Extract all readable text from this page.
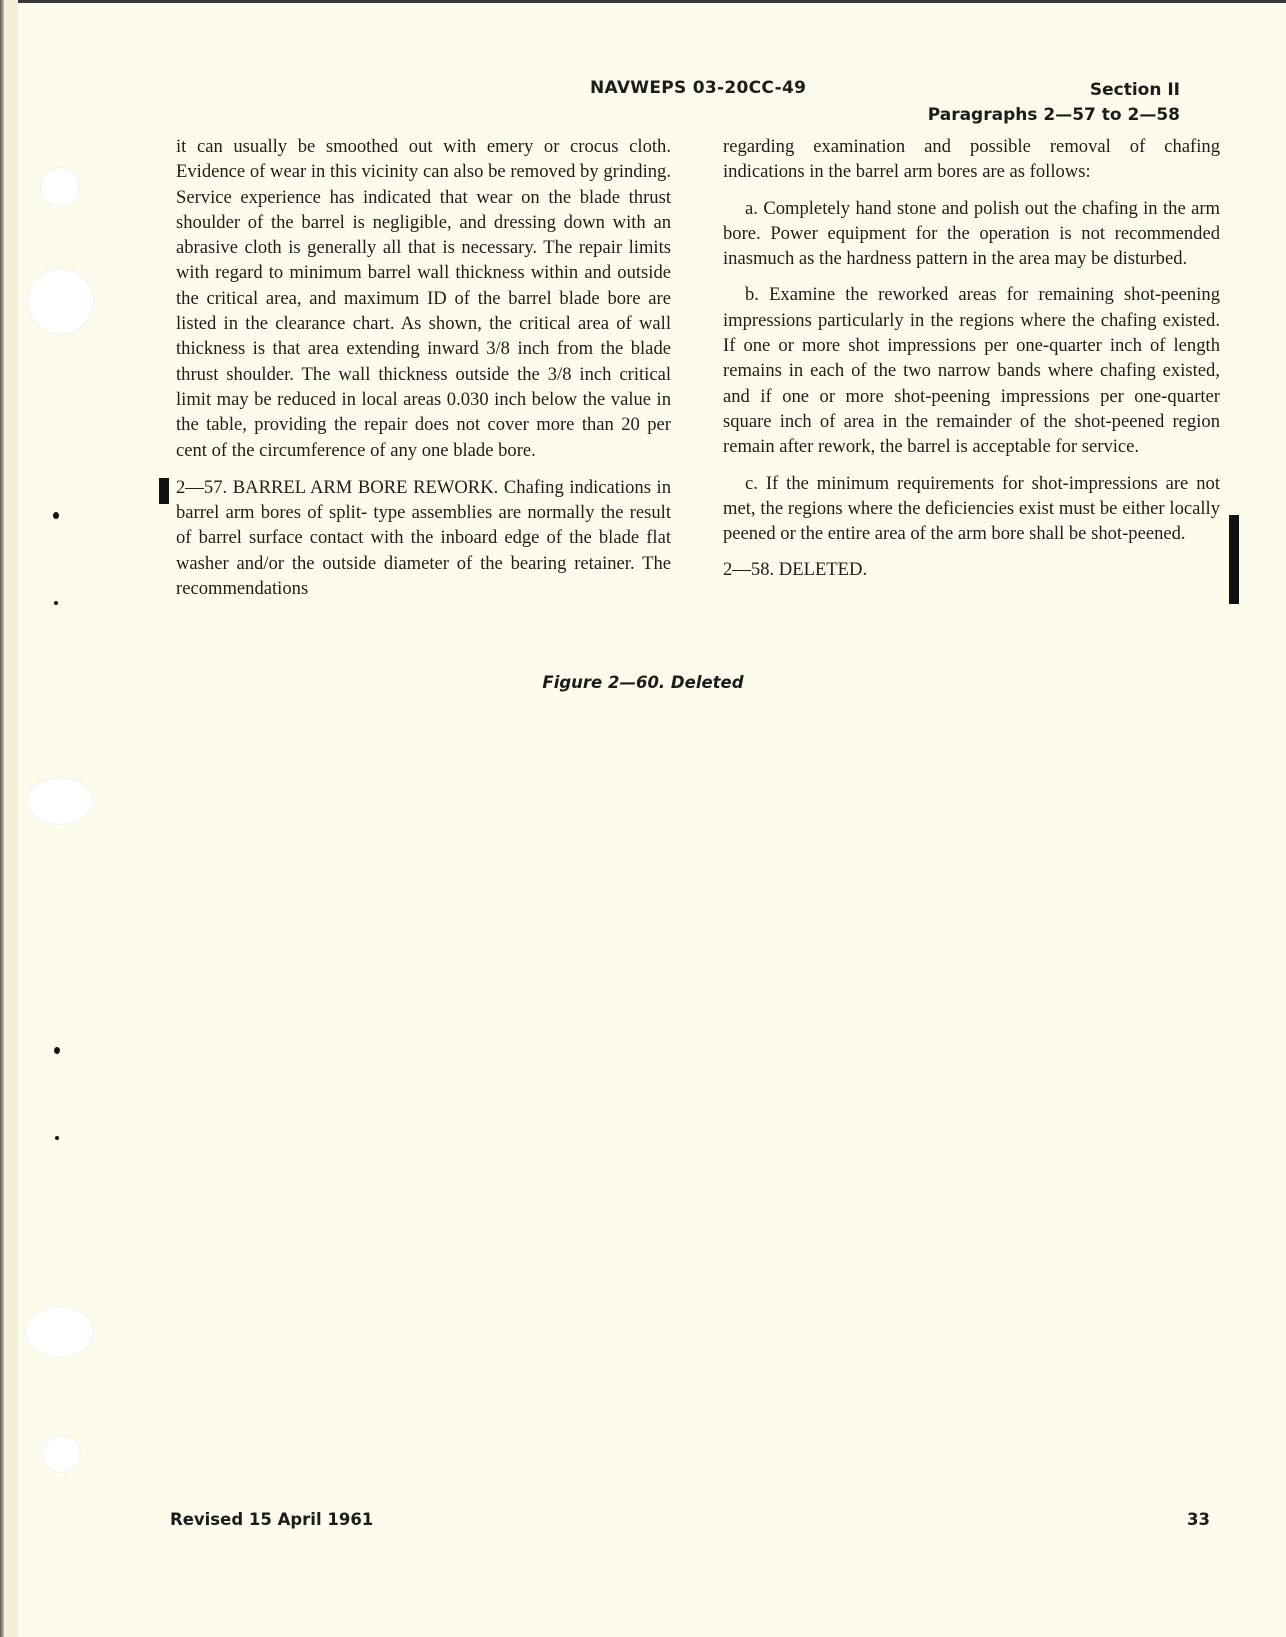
NAVWEPS 03-20CC-49	Section II
Paragraphs 2—57 to 2—58

it can usually be smoothed out with emery or crocus cloth. Evidence of wear in this vicinity can also be removed by grinding. Service experience has indicated that wear on the blade thrust shoulder of the barrel is negligible, and dressing down with an abrasive cloth is generally all that is necessary. The repair limits with regard to minimum barrel wall thickness within and outside the critical area, and maximum ID of the barrel blade bore are listed in the clearance chart. As shown, the critical area of wall thickness is that area extending inward 3/8 inch from the blade thrust shoulder. The wall thickness outside the 3/8 inch critical limit may be reduced in local areas 0.030 inch below the value in the table, providing the repair does not cover more than 20 per cent of the circumference of any one blade bore.

2—57. BARREL ARM BORE REWORK. Chafing indications in barrel arm bores of split- type assemblies are normally the result of barrel surface contact with the inboard edge of the blade flat washer and/or the outside diameter of the bearing retainer. The recommendations

regarding examination and possible removal of chafing indications in the barrel arm bores are as follows:

a. Completely hand stone and polish out the chafing in the arm bore. Power equipment for the operation is not recommended inasmuch as the hardness pattern in the area may be disturbed.

b. Examine the reworked areas for remaining shot-peening impressions particularly in the regions where the chafing existed. If one or more shot impressions per one-quarter inch of length remains in each of the two narrow bands where chafing existed, and if one or more shot-peening impressions per one-quarter square inch of area in the remainder of the shot-peened region remain after rework, the barrel is acceptable for service.

c. If the minimum requirements for shot-impressions are not met, the regions where the deficiencies exist must be either locally peened or the entire area of the arm bore shall be shot-peened.

2—58. DELETED.

Figure 2—60. Deleted
Revised 15 April 1961	33
